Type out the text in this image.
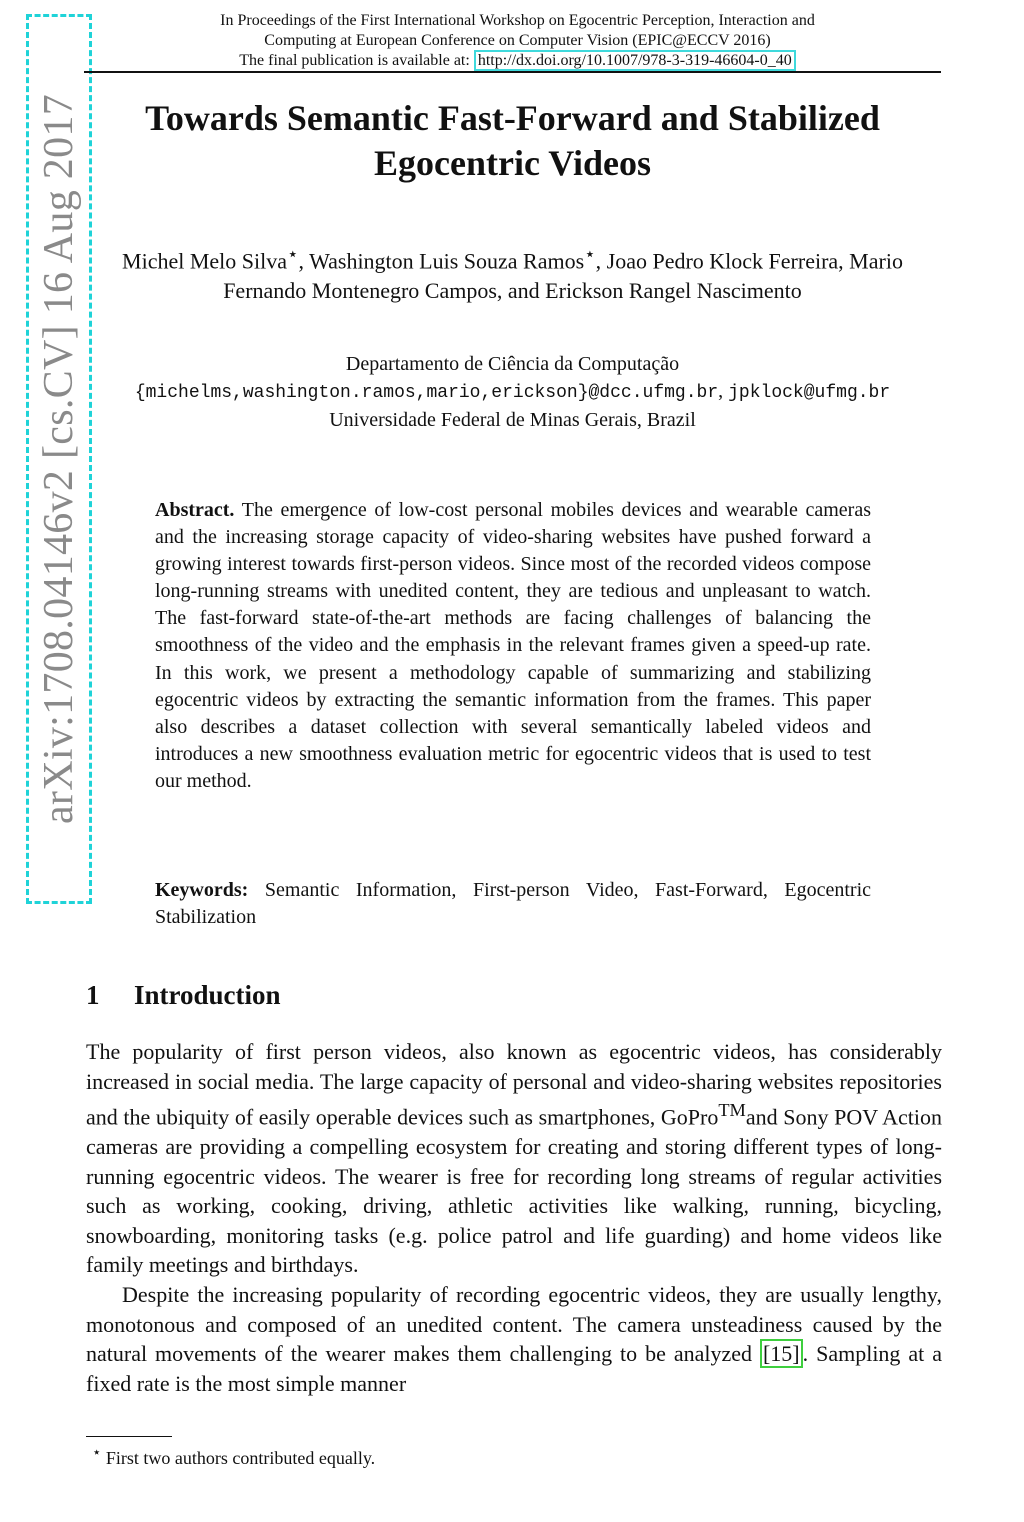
arXiv:1708.04146v2 [cs.CV] 16 Aug 2017
In Proceedings of the First International Workshop on Egocentric Perception, Interaction and
Computing at European Conference on Computer Vision (EPIC@ECCV 2016)
The final publication is available at: http://dx.doi.org/10.1007/978-3-319-46604-0_40
Towards Semantic Fast-Forward and Stabilized
Egocentric Videos
Michel Melo Silva⋆, Washington Luis Souza Ramos⋆, Joao Pedro Klock Ferreira, Mario Fernando Montenegro Campos, and Erickson Rangel Nascimento
Departamento de Ciência da Computação
{michelms,washington.ramos,mario,erickson}@dcc.ufmg.br, jpklock@ufmg.br
Universidade Federal de Minas Gerais, Brazil
Abstract. The emergence of low-cost personal mobiles devices and wearable cameras and the increasing storage capacity of video-sharing websites have pushed forward a growing interest towards first-person videos. Since most of the recorded videos compose long-running streams with unedited content, they are tedious and unpleasant to watch. The fast-forward state-of-the-art methods are facing challenges of balancing the smoothness of the video and the emphasis in the relevant frames given a speed-up rate. In this work, we present a methodology capable of summarizing and stabilizing egocentric videos by extracting the semantic information from the frames. This paper also describes a dataset collection with several semantically labeled videos and introduces a new smoothness evaluation metric for egocentric videos that is used to test our method.
Keywords: Semantic Information, First-person Video, Fast-Forward, Egocentric Stabilization
1 Introduction

The popularity of first person videos, also known as egocentric videos, has considerably increased in social media. The large capacity of personal and video-sharing websites repositories and the ubiquity of easily operable devices such as smartphones, GoPro™and Sony POV Action cameras are providing a compelling ecosystem for creating and storing different types of long-running egocentric videos. The wearer is free for recording long streams of regular activities such as working, cooking, driving, athletic activities like walking, running, bicycling, snowboarding, monitoring tasks (e.g. police patrol and life guarding) and home videos like family meetings and birthdays.

Despite the increasing popularity of recording egocentric videos, they are usually lengthy, monotonous and composed of an unedited content. The camera unsteadiness caused by the natural movements of the wearer makes them challenging to be analyzed [15] . Sampling at a fixed rate is the most simple manner

⋆ First two authors contributed equally.
